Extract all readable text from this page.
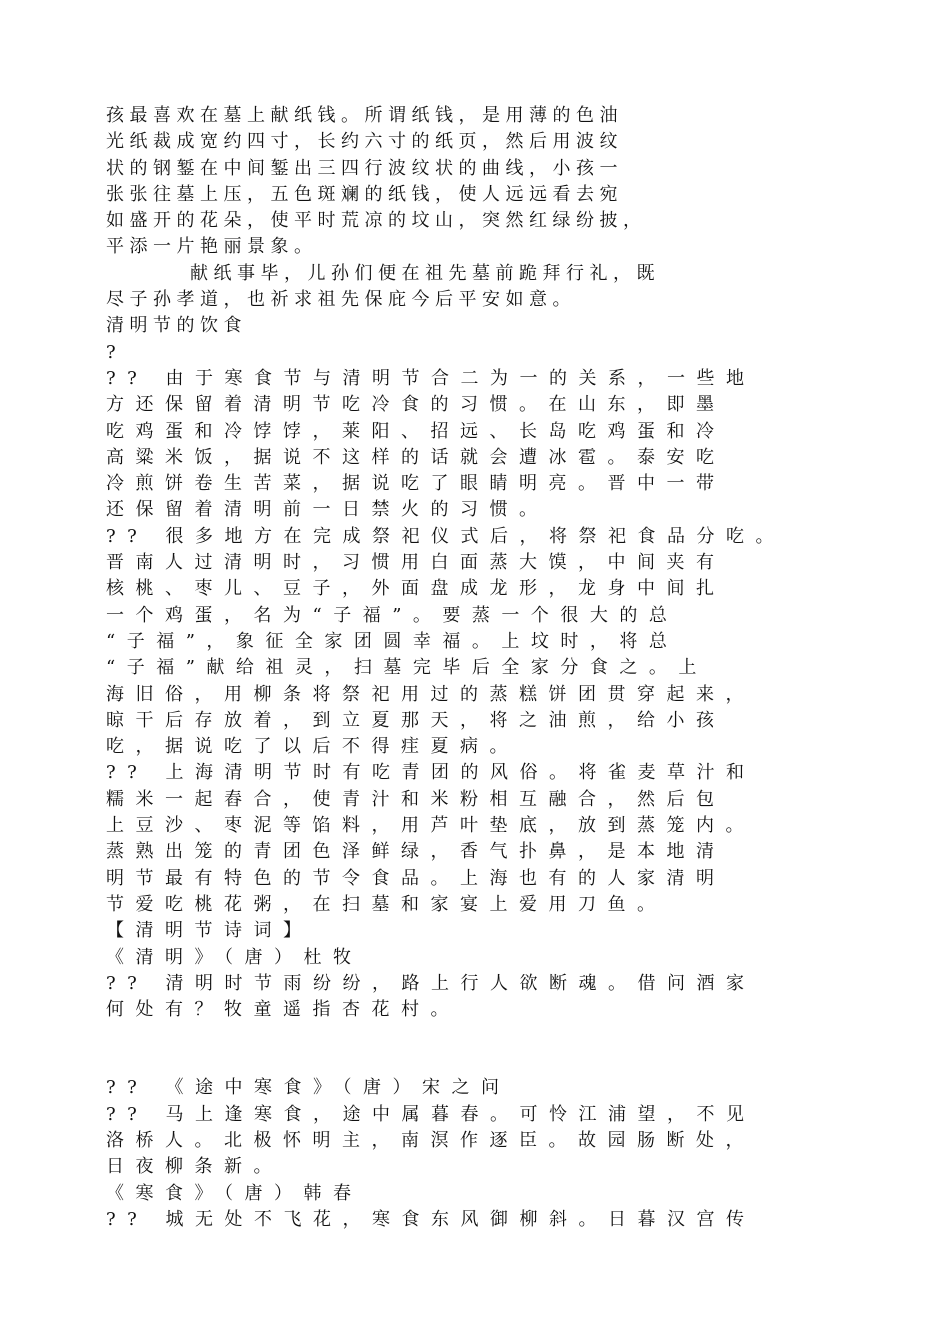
孩最喜欢在墓上献纸钱。所谓纸钱，是用薄的色油
光纸裁成宽约四寸，长约六寸的纸页，然后用波纹
状的钢錾在中间錾出三四行波纹状的曲线，小孩一
张张往墓上压，五色斑斓的纸钱，使人远远看去宛
如盛开的花朵，使平时荒凉的坟山，突然红绿纷披，
平添一片艳丽景象。
献纸事毕，儿孙们便在祖先墓前跪拜行礼，既
尽子孙孝道，也祈求祖先保庇今后平安如意。
清明节的饮食
?
?? 由于寒食节与清明节合二为一的关系，一些地
方还保留着清明节吃冷食的习惯。在山东，即墨
吃鸡蛋和冷饽饽，莱阳、招远、长岛吃鸡蛋和冷
高粱米饭，据说不这样的话就会遭冰雹。泰安吃
冷煎饼卷生苦菜，据说吃了眼睛明亮。晋中一带
还保留着清明前一日禁火的习惯。
?? 很多地方在完成祭祀仪式后，将祭祀食品分吃。
晋南人过清明时，习惯用白面蒸大馍，中间夹有
核桃、枣儿、豆子，外面盘成龙形，龙身中间扎
一个鸡蛋，名为“子福”。要蒸一个很大的总
“子福”，象征全家团圆幸福。上坟时，将总
“子福”献给祖灵，扫墓完毕后全家分食之。上
海旧俗，用柳条将祭祀用过的蒸糕饼团贯穿起来，
晾干后存放着，到立夏那天，将之油煎，给小孩
吃，据说吃了以后不得疰夏病。
?? 上海清明节时有吃青团的风俗。将雀麦草汁和
糯米一起舂合，使青汁和米粉相互融合，然后包
上豆沙、枣泥等馅料，用芦叶垫底，放到蒸笼内。
蒸熟出笼的青团色泽鲜绿，香气扑鼻，是本地清
明节最有特色的节令食品。上海也有的人家清明
节爱吃桃花粥，在扫墓和家宴上爱用刀鱼。
【清明节诗词】
《清明》（唐）杜牧
?? 清明时节雨纷纷，路上行人欲断魂。借问酒家
何处有？牧童遥指杏花村。
?? 《途中寒食》（唐）宋之问
?? 马上逢寒食，途中属暮春。可怜江浦望，不见
洛桥人。北极怀明主，南溟作逐臣。故园肠断处，
日夜柳条新。
《寒食》（唐）韩春
?? 城无处不飞花，寒食东风御柳斜。日暮汉宫传
